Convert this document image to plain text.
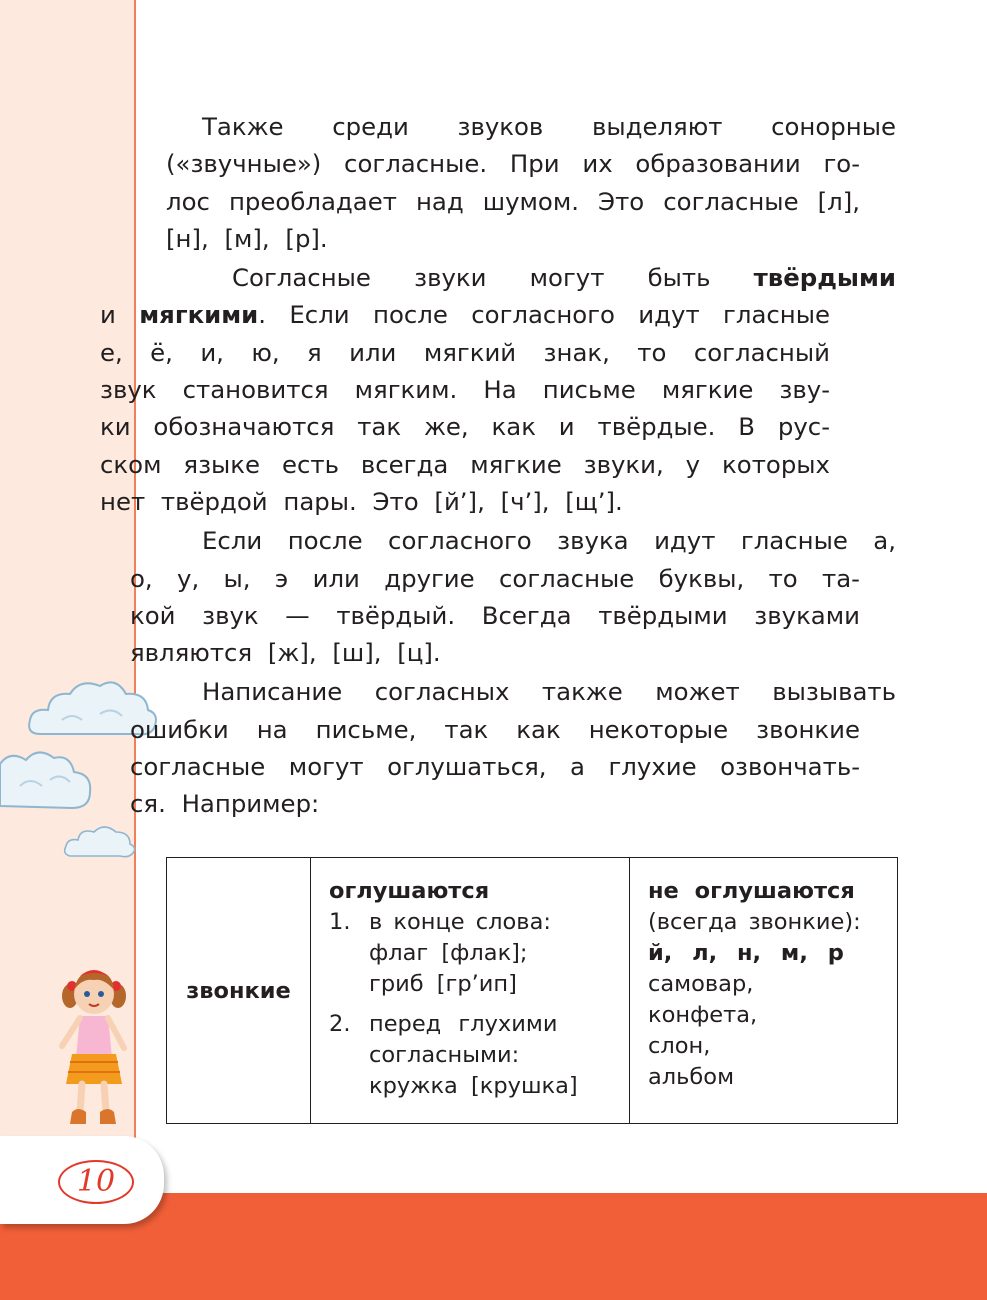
Также среди звуков выделяют сонорные
(«звучные») согласные. При их образовании го-
лос преобладает над шумом. Это согласные [л],
[н], [м], [р].

Согласные звуки могут быть твёрдыми
и мягкими. Если после согласного идут гласные
е, ё, и, ю, я или мягкий знак, то согласный
звук становится мягким. На письме мягкие зву-
ки обозначаются так же, как и твёрдые. В рус-
ском языке есть всегда мягкие звуки, у которых
нет твёрдой пары. Это [й’], [ч’], [щ’].

Если после согласного звука идут гласные а,
о, у, ы, э или другие согласные буквы, то та-
кой звук — твёрдый. Всегда твёрдыми звуками
являются [ж], [ш], [ц].

Написание согласных также может вызывать
ошибки на письме, так как некоторые звонкие
согласные могут оглушаться, а глухие озвончать-
ся. Например:

звонкие
оглушаются
1. в конце слова:
флаг [флак];
гриб [гр’ип]
2. перед глухими
согласными:
кружка [крушка]
не оглушаются
(всегда звонкие):
й, л, н, м, р
самовар,
конфета,
слон,
альбом
10
